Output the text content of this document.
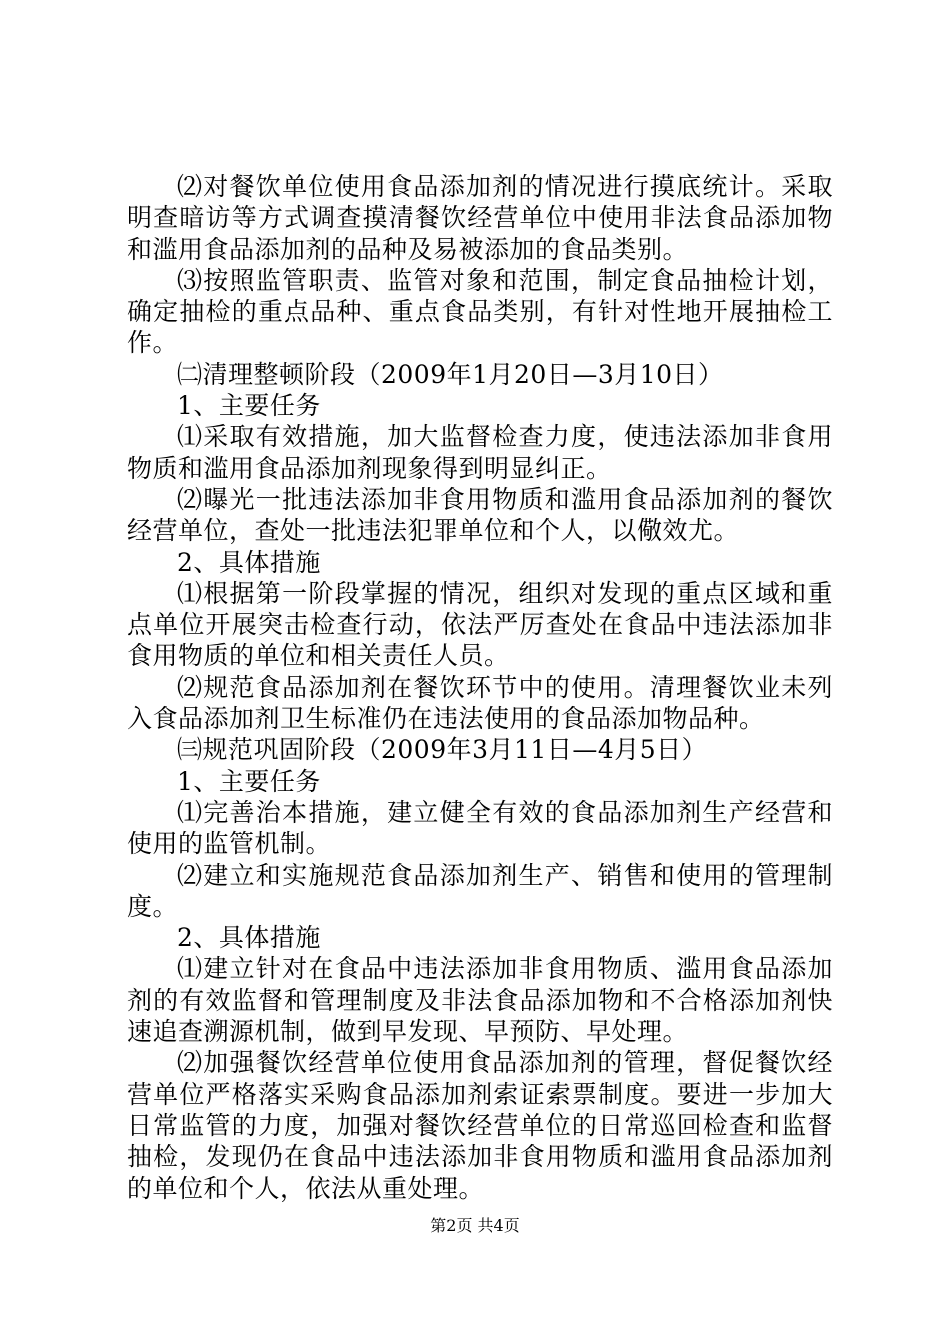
⑵对餐饮单位使用食品添加剂的情况进行摸底统计。采取明查暗访等方式调查摸清餐饮经营单位中使用非法食品添加物和滥用食品添加剂的品种及易被添加的食品类别。

⑶按照监管职责、监管对象和范围，制定食品抽检计划，确定抽检的重点品种、重点食品类别，有针对性地开展抽检工作。

㈡清理整顿阶段（2009年1月20日—3月10日）

1、主要任务

⑴采取有效措施，加大监督检查力度，使违法添加非食用物质和滥用食品添加剂现象得到明显纠正。

⑵曝光一批违法添加非食用物质和滥用食品添加剂的餐饮经营单位，查处一批违法犯罪单位和个人，以儆效尤。

2、具体措施

⑴根据第一阶段掌握的情况，组织对发现的重点区域和重点单位开展突击检查行动，依法严厉查处在食品中违法添加非食用物质的单位和相关责任人员。

⑵规范食品添加剂在餐饮环节中的使用。清理餐饮业未列入食品添加剂卫生标准仍在违法使用的食品添加物品种。

㈢规范巩固阶段（2009年3月11日—4月5日）

1、主要任务

⑴完善治本措施，建立健全有效的食品添加剂生产经营和使用的监管机制。

⑵建立和实施规范食品添加剂生产、销售和使用的管理制度。

2、具体措施

⑴建立针对在食品中违法添加非食用物质、滥用食品添加剂的有效监督和管理制度及非法食品添加物和不合格添加剂快速追查溯源机制，做到早发现、早预防、早处理。

⑵加强餐饮经营单位使用食品添加剂的管理，督促餐饮经营单位严格落实采购食品添加剂索证索票制度。要进一步加大日常监管的力度，加强对餐饮经营单位的日常巡回检查和监督抽检，发现仍在食品中违法添加非食用物质和滥用食品添加剂的单位和个人，依法从重处理。

第2页 共4页
